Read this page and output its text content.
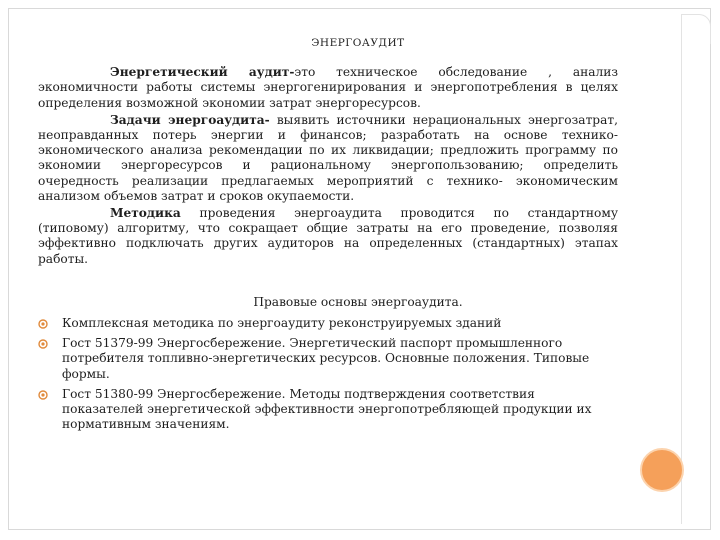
ЭНЕРГОАУДИТ

Энергетический аудит-это техническое обследование , анализ экономичности работы системы энергогенирирования и энергопотребления в целях определения возможной экономии затрат энергоресурсов.

Задачи энергоаудита- выявить источники нерациональных энергозатрат, неоправданных потерь энергии и финансов; разработать на основе технико-экономического анализа рекомендации по их ликвидации; предложить программу по экономии энергоресурсов и рациональному энергопользованию; определить очередность реализации предлагаемых мероприятий с технико- экономическим анализом объемов затрат и сроков окупаемости.

Методика проведения энергоаудита проводится по стандартному (типовому) алгоритму, что сокращает общие затраты на его проведение, позволяя эффективно подключать других аудиторов на определенных (стандартных) этапах работы.

Правовые основы энергоаудита.
Комплексная методика по энергоаудиту реконструируемых зданий
Гост 51379-99 Энергосбережение. Энергетический паспорт промышленного потребителя топливно-энергетических ресурсов. Основные положения. Типовые формы.
Гост 51380-99 Энергосбережение. Методы подтверждения соответствия показателей энергетической эффективности энергопотребляющей продукции их нормативным значениям.
